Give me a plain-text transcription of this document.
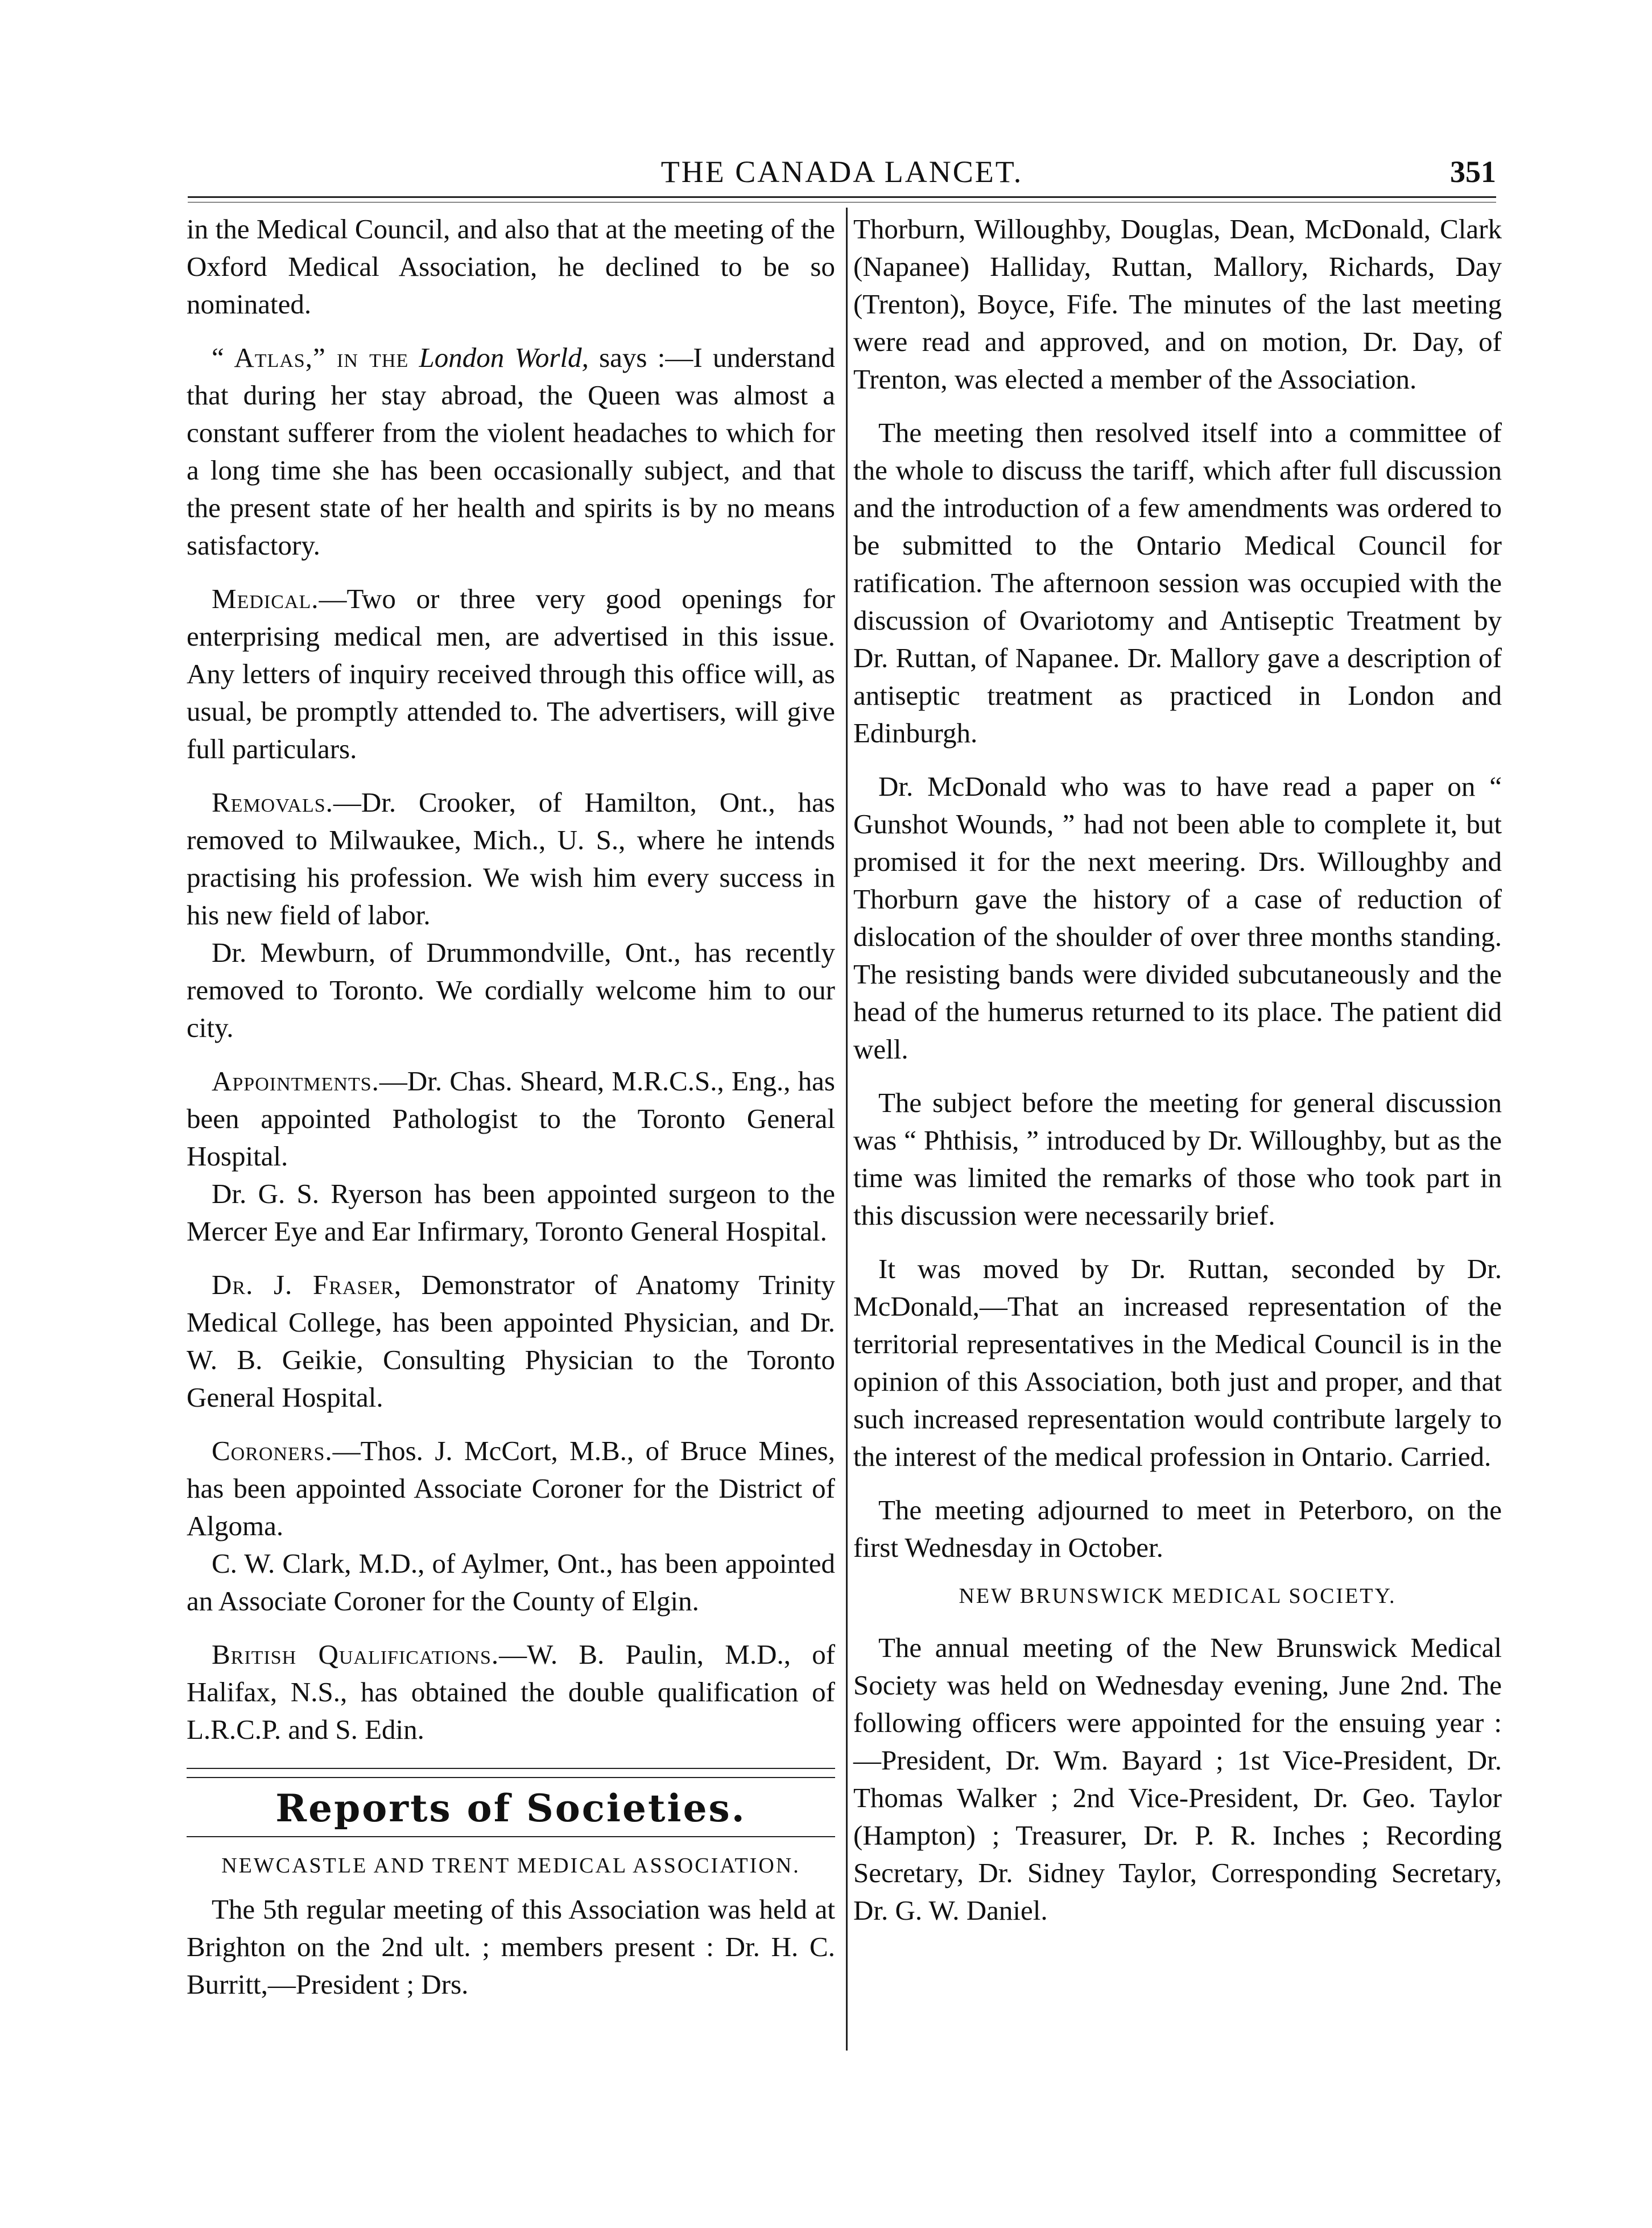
THE CANADA LANCET.	351

in the Medical Council, and also that at the meeting of the Oxford Medical Association, he declined to be so nominated.

“ Atlas,” in the London World, says :—I understand that during her stay abroad, the Queen was almost a constant sufferer from the violent headaches to which for a long time she has been occasionally subject, and that the present state of her health and spirits is by no means satisfactory.

Medical.—Two or three very good openings for enterprising medical men, are advertised in this issue. Any letters of inquiry received through this office will, as usual, be promptly attended to. The advertisers, will give full particulars.

Removals.—Dr. Crooker, of Hamilton, Ont., has removed to Milwaukee, Mich., U. S., where he intends practising his profession. We wish him every success in his new field of labor.

Dr. Mewburn, of Drummondville, Ont., has recently removed to Toronto. We cordially welcome him to our city.

Appointments.—Dr. Chas. Sheard, M.R.C.S., Eng., has been appointed Pathologist to the Toronto General Hospital.

Dr. G. S. Ryerson has been appointed surgeon to the Mercer Eye and Ear Infirmary, Toronto General Hospital.

Dr. J. Fraser, Demonstrator of Anatomy Trinity Medical College, has been appointed Physician, and Dr. W. B. Geikie, Consulting Physician to the Toronto General Hospital.

Coroners.—Thos. J. McCort, M.B., of Bruce Mines, has been appointed Associate Coroner for the District of Algoma.

C. W. Clark, M.D., of Aylmer, Ont., has been appointed an Associate Coroner for the County of Elgin.

British Qualifications.—W. B. Paulin, M.D., of Halifax, N.S., has obtained the double qualification of L.R.C.P. and S. Edin.

Reports of Societies.
NEWCASTLE AND TRENT MEDICAL ASSOCIATION.

The 5th regular meeting of this Association was held at Brighton on the 2nd ult. ; members present : Dr. H. C. Burritt,—President ; Drs.

Thorburn, Willoughby, Douglas, Dean, McDonald, Clark (Napanee) Halliday, Ruttan, Mallory, Richards, Day (Trenton), Boyce, Fife. The minutes of the last meeting were read and approved, and on motion, Dr. Day, of Trenton, was elected a member of the Association.

The meeting then resolved itself into a committee of the whole to discuss the tariff, which after full discussion and the introduction of a few amendments was ordered to be submitted to the Ontario Medical Council for ratification. The afternoon session was occupied with the discussion of Ovariotomy and Antiseptic Treatment by Dr. Ruttan, of Napanee. Dr. Mallory gave a description of antiseptic treatment as practiced in London and Edinburgh.

Dr. McDonald who was to have read a paper on “ Gunshot Wounds, ” had not been able to complete it, but promised it for the next meering. Drs. Willoughby and Thorburn gave the history of a case of reduction of dislocation of the shoulder of over three months standing. The resisting bands were divided subcutaneously and the head of the humerus returned to its place. The patient did well.

The subject before the meeting for general discussion was “ Phthisis, ” introduced by Dr. Willoughby, but as the time was limited the remarks of those who took part in this discussion were necessarily brief.

It was moved by Dr. Ruttan, seconded by Dr. McDonald,—That an increased representation of the territorial representatives in the Medical Council is in the opinion of this Association, both just and proper, and that such increased representation would contribute largely to the interest of the medical profession in Ontario. Carried.

The meeting adjourned to meet in Peterboro, on the first Wednesday in October.

NEW BRUNSWICK MEDICAL SOCIETY.

The annual meeting of the New Brunswick Medical Society was held on Wednesday evening, June 2nd. The following officers were appointed for the ensuing year :—President, Dr. Wm. Bayard ; 1st Vice-President, Dr. Thomas Walker ; 2nd Vice-President, Dr. Geo. Taylor (Hampton) ; Treasurer, Dr. P. R. Inches ; Recording Secretary, Dr. Sidney Taylor, Corresponding Secretary, Dr. G. W. Daniel.
